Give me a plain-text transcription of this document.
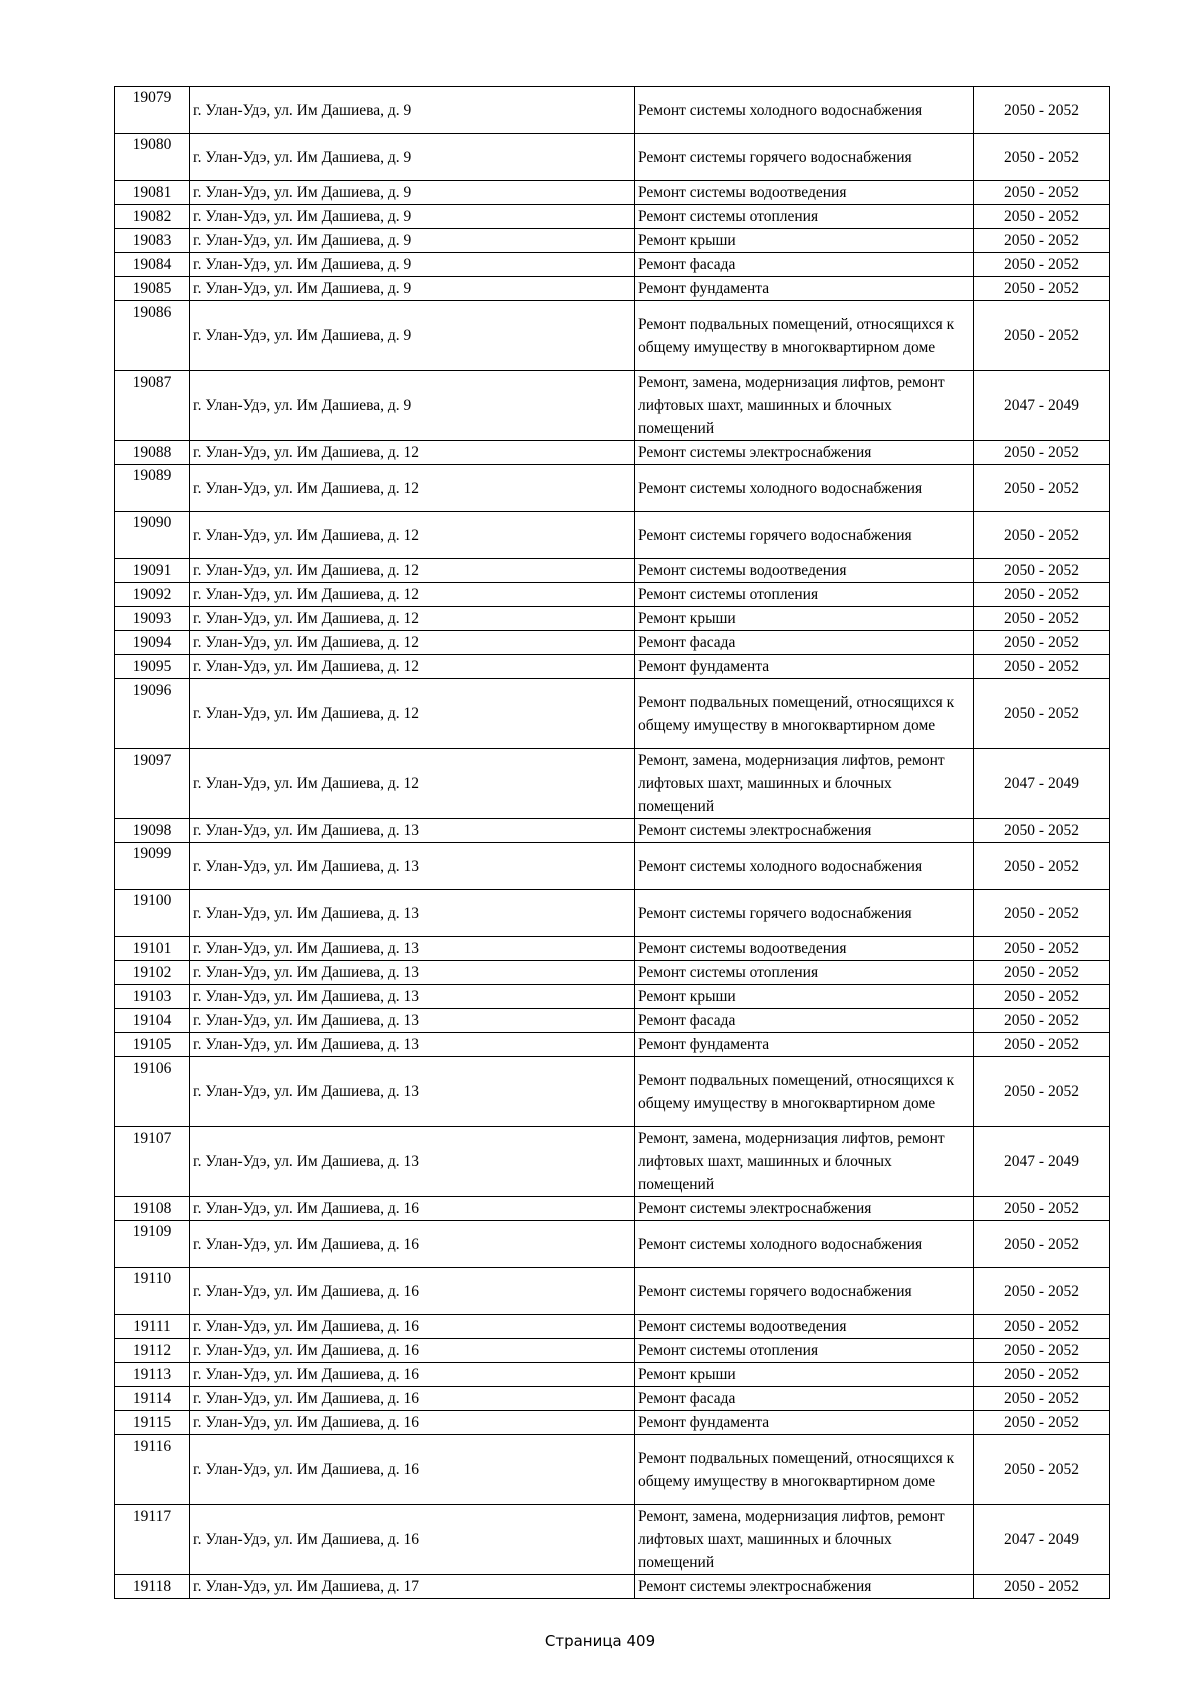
19079	г. Улан-Удэ, ул. Им Дашиева, д. 9	Ремонт системы холодного водоснабжения	2050 - 2052
19080	г. Улан-Удэ, ул. Им Дашиева, д. 9	Ремонт системы горячего водоснабжения	2050 - 2052
19081	г. Улан-Удэ, ул. Им Дашиева, д. 9	Ремонт системы водоотведения	2050 - 2052
19082	г. Улан-Удэ, ул. Им Дашиева, д. 9	Ремонт системы отопления	2050 - 2052
19083	г. Улан-Удэ, ул. Им Дашиева, д. 9	Ремонт крыши	2050 - 2052
19084	г. Улан-Удэ, ул. Им Дашиева, д. 9	Ремонт фасада	2050 - 2052
19085	г. Улан-Удэ, ул. Им Дашиева, д. 9	Ремонт фундамента	2050 - 2052
19086	г. Улан-Удэ, ул. Им Дашиева, д. 9	Ремонт подвальных помещений, относящихся к общему имуществу в многоквартирном доме	2050 - 2052
19087	г. Улан-Удэ, ул. Им Дашиева, д. 9	Ремонт, замена, модернизация лифтов, ремонт лифтовых шахт, машинных и блочных помещений	2047 - 2049
19088	г. Улан-Удэ, ул. Им Дашиева, д. 12	Ремонт системы электроснабжения	2050 - 2052
19089	г. Улан-Удэ, ул. Им Дашиева, д. 12	Ремонт системы холодного водоснабжения	2050 - 2052
19090	г. Улан-Удэ, ул. Им Дашиева, д. 12	Ремонт системы горячего водоснабжения	2050 - 2052
19091	г. Улан-Удэ, ул. Им Дашиева, д. 12	Ремонт системы водоотведения	2050 - 2052
19092	г. Улан-Удэ, ул. Им Дашиева, д. 12	Ремонт системы отопления	2050 - 2052
19093	г. Улан-Удэ, ул. Им Дашиева, д. 12	Ремонт крыши	2050 - 2052
19094	г. Улан-Удэ, ул. Им Дашиева, д. 12	Ремонт фасада	2050 - 2052
19095	г. Улан-Удэ, ул. Им Дашиева, д. 12	Ремонт фундамента	2050 - 2052
19096	г. Улан-Удэ, ул. Им Дашиева, д. 12	Ремонт подвальных помещений, относящихся к общему имуществу в многоквартирном доме	2050 - 2052
19097	г. Улан-Удэ, ул. Им Дашиева, д. 12	Ремонт, замена, модернизация лифтов, ремонт лифтовых шахт, машинных и блочных помещений	2047 - 2049
19098	г. Улан-Удэ, ул. Им Дашиева, д. 13	Ремонт системы электроснабжения	2050 - 2052
19099	г. Улан-Удэ, ул. Им Дашиева, д. 13	Ремонт системы холодного водоснабжения	2050 - 2052
19100	г. Улан-Удэ, ул. Им Дашиева, д. 13	Ремонт системы горячего водоснабжения	2050 - 2052
19101	г. Улан-Удэ, ул. Им Дашиева, д. 13	Ремонт системы водоотведения	2050 - 2052
19102	г. Улан-Удэ, ул. Им Дашиева, д. 13	Ремонт системы отопления	2050 - 2052
19103	г. Улан-Удэ, ул. Им Дашиева, д. 13	Ремонт крыши	2050 - 2052
19104	г. Улан-Удэ, ул. Им Дашиева, д. 13	Ремонт фасада	2050 - 2052
19105	г. Улан-Удэ, ул. Им Дашиева, д. 13	Ремонт фундамента	2050 - 2052
19106	г. Улан-Удэ, ул. Им Дашиева, д. 13	Ремонт подвальных помещений, относящихся к общему имуществу в многоквартирном доме	2050 - 2052
19107	г. Улан-Удэ, ул. Им Дашиева, д. 13	Ремонт, замена, модернизация лифтов, ремонт лифтовых шахт, машинных и блочных помещений	2047 - 2049
19108	г. Улан-Удэ, ул. Им Дашиева, д. 16	Ремонт системы электроснабжения	2050 - 2052
19109	г. Улан-Удэ, ул. Им Дашиева, д. 16	Ремонт системы холодного водоснабжения	2050 - 2052
19110	г. Улан-Удэ, ул. Им Дашиева, д. 16	Ремонт системы горячего водоснабжения	2050 - 2052
19111	г. Улан-Удэ, ул. Им Дашиева, д. 16	Ремонт системы водоотведения	2050 - 2052
19112	г. Улан-Удэ, ул. Им Дашиева, д. 16	Ремонт системы отопления	2050 - 2052
19113	г. Улан-Удэ, ул. Им Дашиева, д. 16	Ремонт крыши	2050 - 2052
19114	г. Улан-Удэ, ул. Им Дашиева, д. 16	Ремонт фасада	2050 - 2052
19115	г. Улан-Удэ, ул. Им Дашиева, д. 16	Ремонт фундамента	2050 - 2052
19116	г. Улан-Удэ, ул. Им Дашиева, д. 16	Ремонт подвальных помещений, относящихся к общему имуществу в многоквартирном доме	2050 - 2052
19117	г. Улан-Удэ, ул. Им Дашиева, д. 16	Ремонт, замена, модернизация лифтов, ремонт лифтовых шахт, машинных и блочных помещений	2047 - 2049
19118	г. Улан-Удэ, ул. Им Дашиева, д. 17	Ремонт системы электроснабжения	2050 - 2052
Страница 409
